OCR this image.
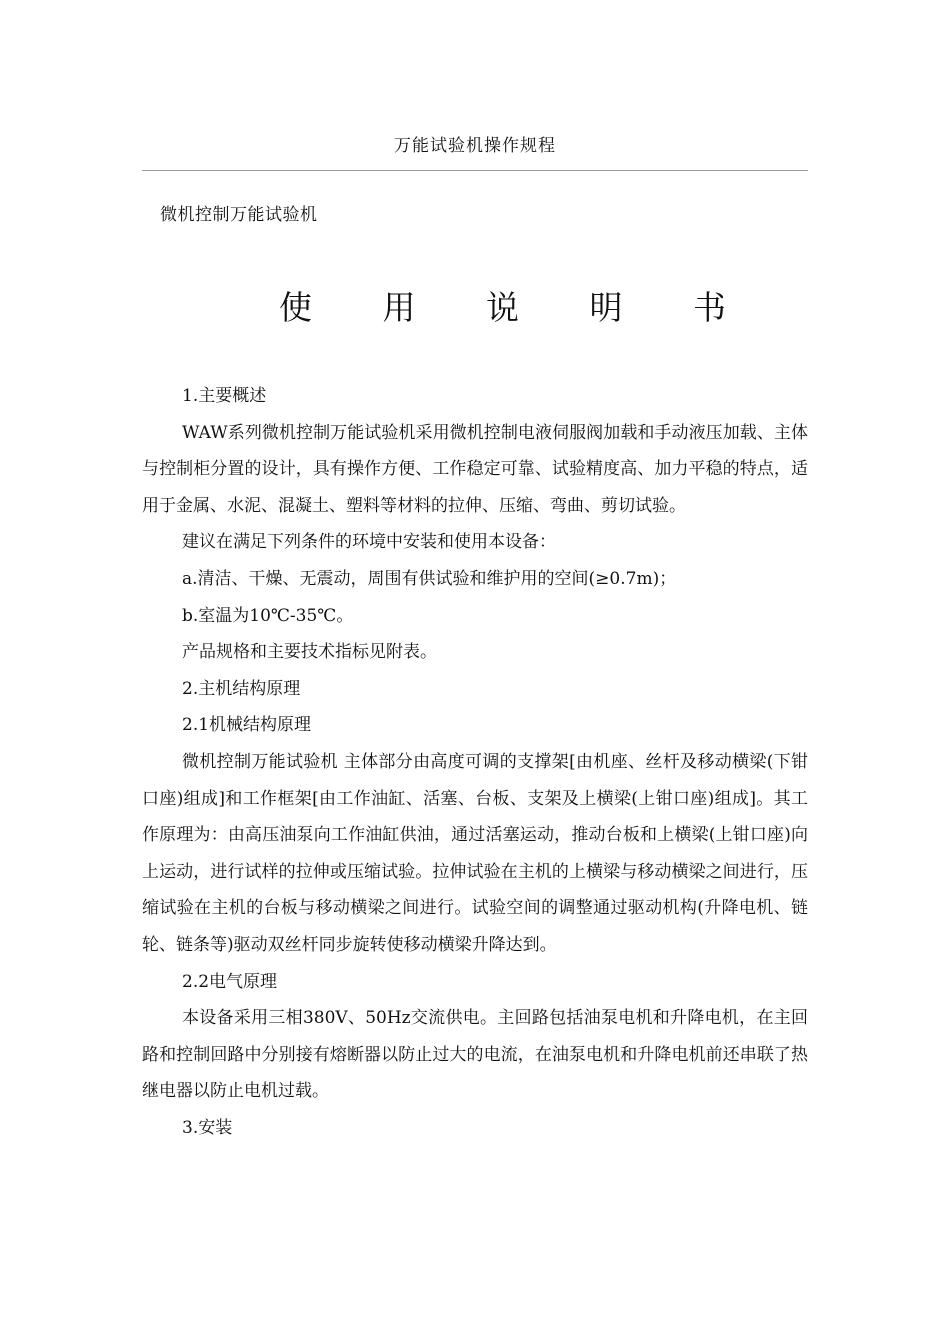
万能试验机操作规程
微机控制万能试验机
使 用 说 明 书

1.主要概述

WAW系列微机控制万能试验机采用微机控制电液伺服阀加载和手动液压加载、主体与控制柜分置的设计，具有操作方便、工作稳定可靠、试验精度高、加力平稳的特点，适用于金属、水泥、混凝土、塑料等材料的拉伸、压缩、弯曲、剪切试验。

建议在满足下列条件的环境中安装和使用本设备：

a.清洁、干燥、无震动，周围有供试验和维护用的空间(≥0.7m)；

b.室温为10℃-35℃。

产品规格和主要技术指标见附表。

2.主机结构原理

2.1机械结构原理

微机控制万能试验机 主体部分由高度可调的支撑架[由机座、丝杆及移动横梁(下钳口座)组成]和工作框架[由工作油缸、活塞、台板、支架及上横梁(上钳口座)组成]。其工作原理为：由高压油泵向工作油缸供油，通过活塞运动，推动台板和上横梁(上钳口座)向上运动，进行试样的拉伸或压缩试验。拉伸试验在主机的上横梁与移动横梁之间进行，压缩试验在主机的台板与移动横梁之间进行。试验空间的调整通过驱动机构(升降电机、链轮、链条等)驱动双丝杆同步旋转使移动横梁升降达到。

2.2电气原理

本设备采用三相380V、50Hz交流供电。主回路包括油泵电机和升降电机，在主回路和控制回路中分别接有熔断器以防止过大的电流，在油泵电机和升降电机前还串联了热继电器以防止电机过载。

3.安装
